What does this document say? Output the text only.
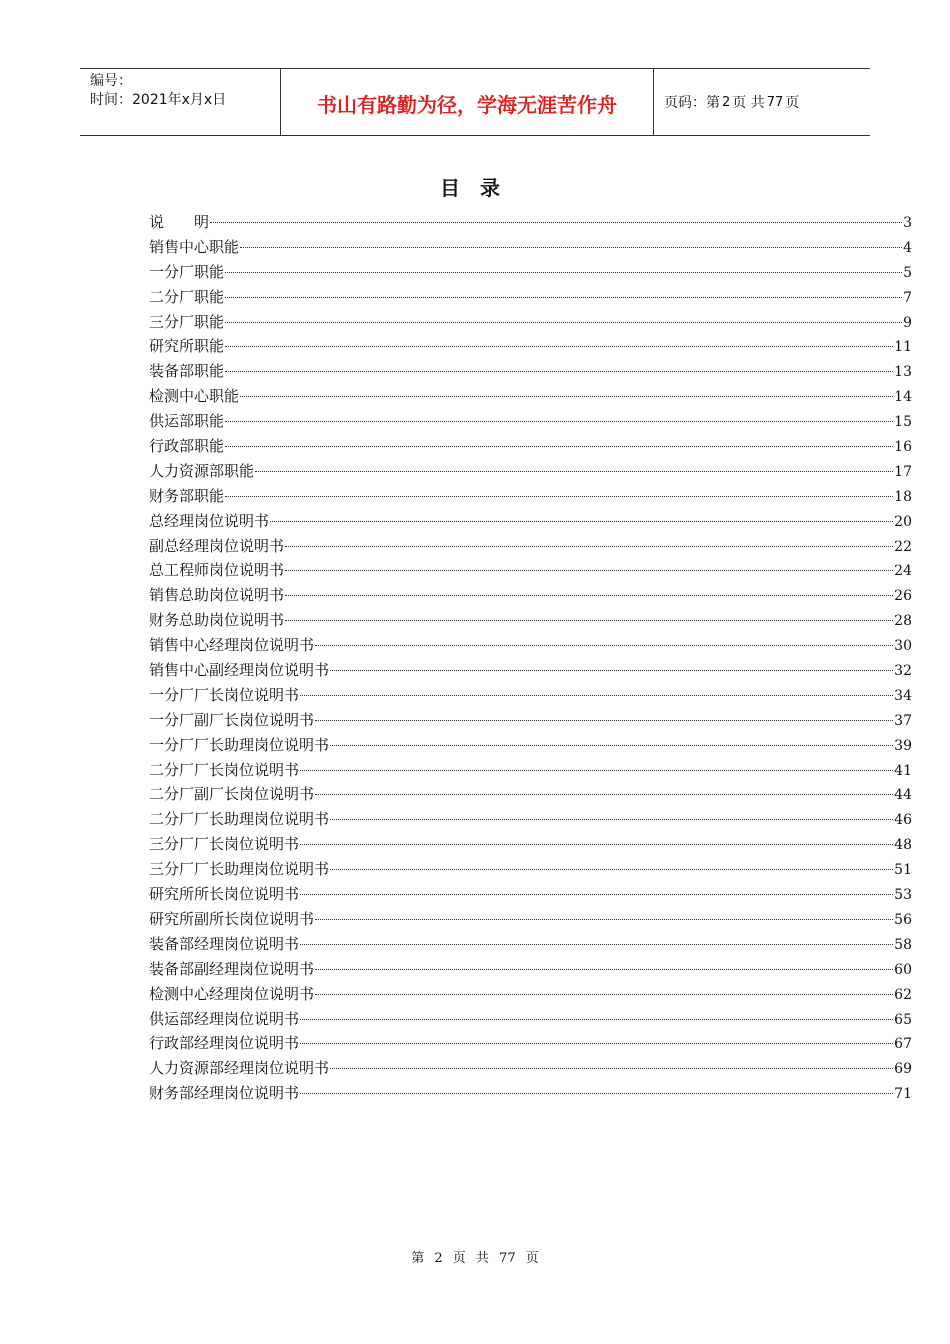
编号：
时间：2021年x月x日	书山有路勤为径，学海无涯苦作舟	页码：第 2 页 共 77 页
目录
说　　明	3
销售中心职能	4
一分厂职能	5
二分厂职能	7
三分厂职能	9
研究所职能	11
装备部职能	13
检测中心职能	14
供运部职能	15
行政部职能	16
人力资源部职能	17
财务部职能	18
总经理岗位说明书	20
副总经理岗位说明书	22
总工程师岗位说明书	24
销售总助岗位说明书	26
财务总助岗位说明书	28
销售中心经理岗位说明书	30
销售中心副经理岗位说明书	32
一分厂厂长岗位说明书	34
一分厂副厂长岗位说明书	37
一分厂厂长助理岗位说明书	39
二分厂厂长岗位说明书	41
二分厂副厂长岗位说明书	44
二分厂厂长助理岗位说明书	46
三分厂厂长岗位说明书	48
三分厂厂长助理岗位说明书	51
研究所所长岗位说明书	53
研究所副所长岗位说明书	56
装备部经理岗位说明书	58
装备部副经理岗位说明书	60
检测中心经理岗位说明书	62
供运部经理岗位说明书	65
行政部经理岗位说明书	67
人力资源部经理岗位说明书	69
财务部经理岗位说明书	71
第 2 页 共 77 页
